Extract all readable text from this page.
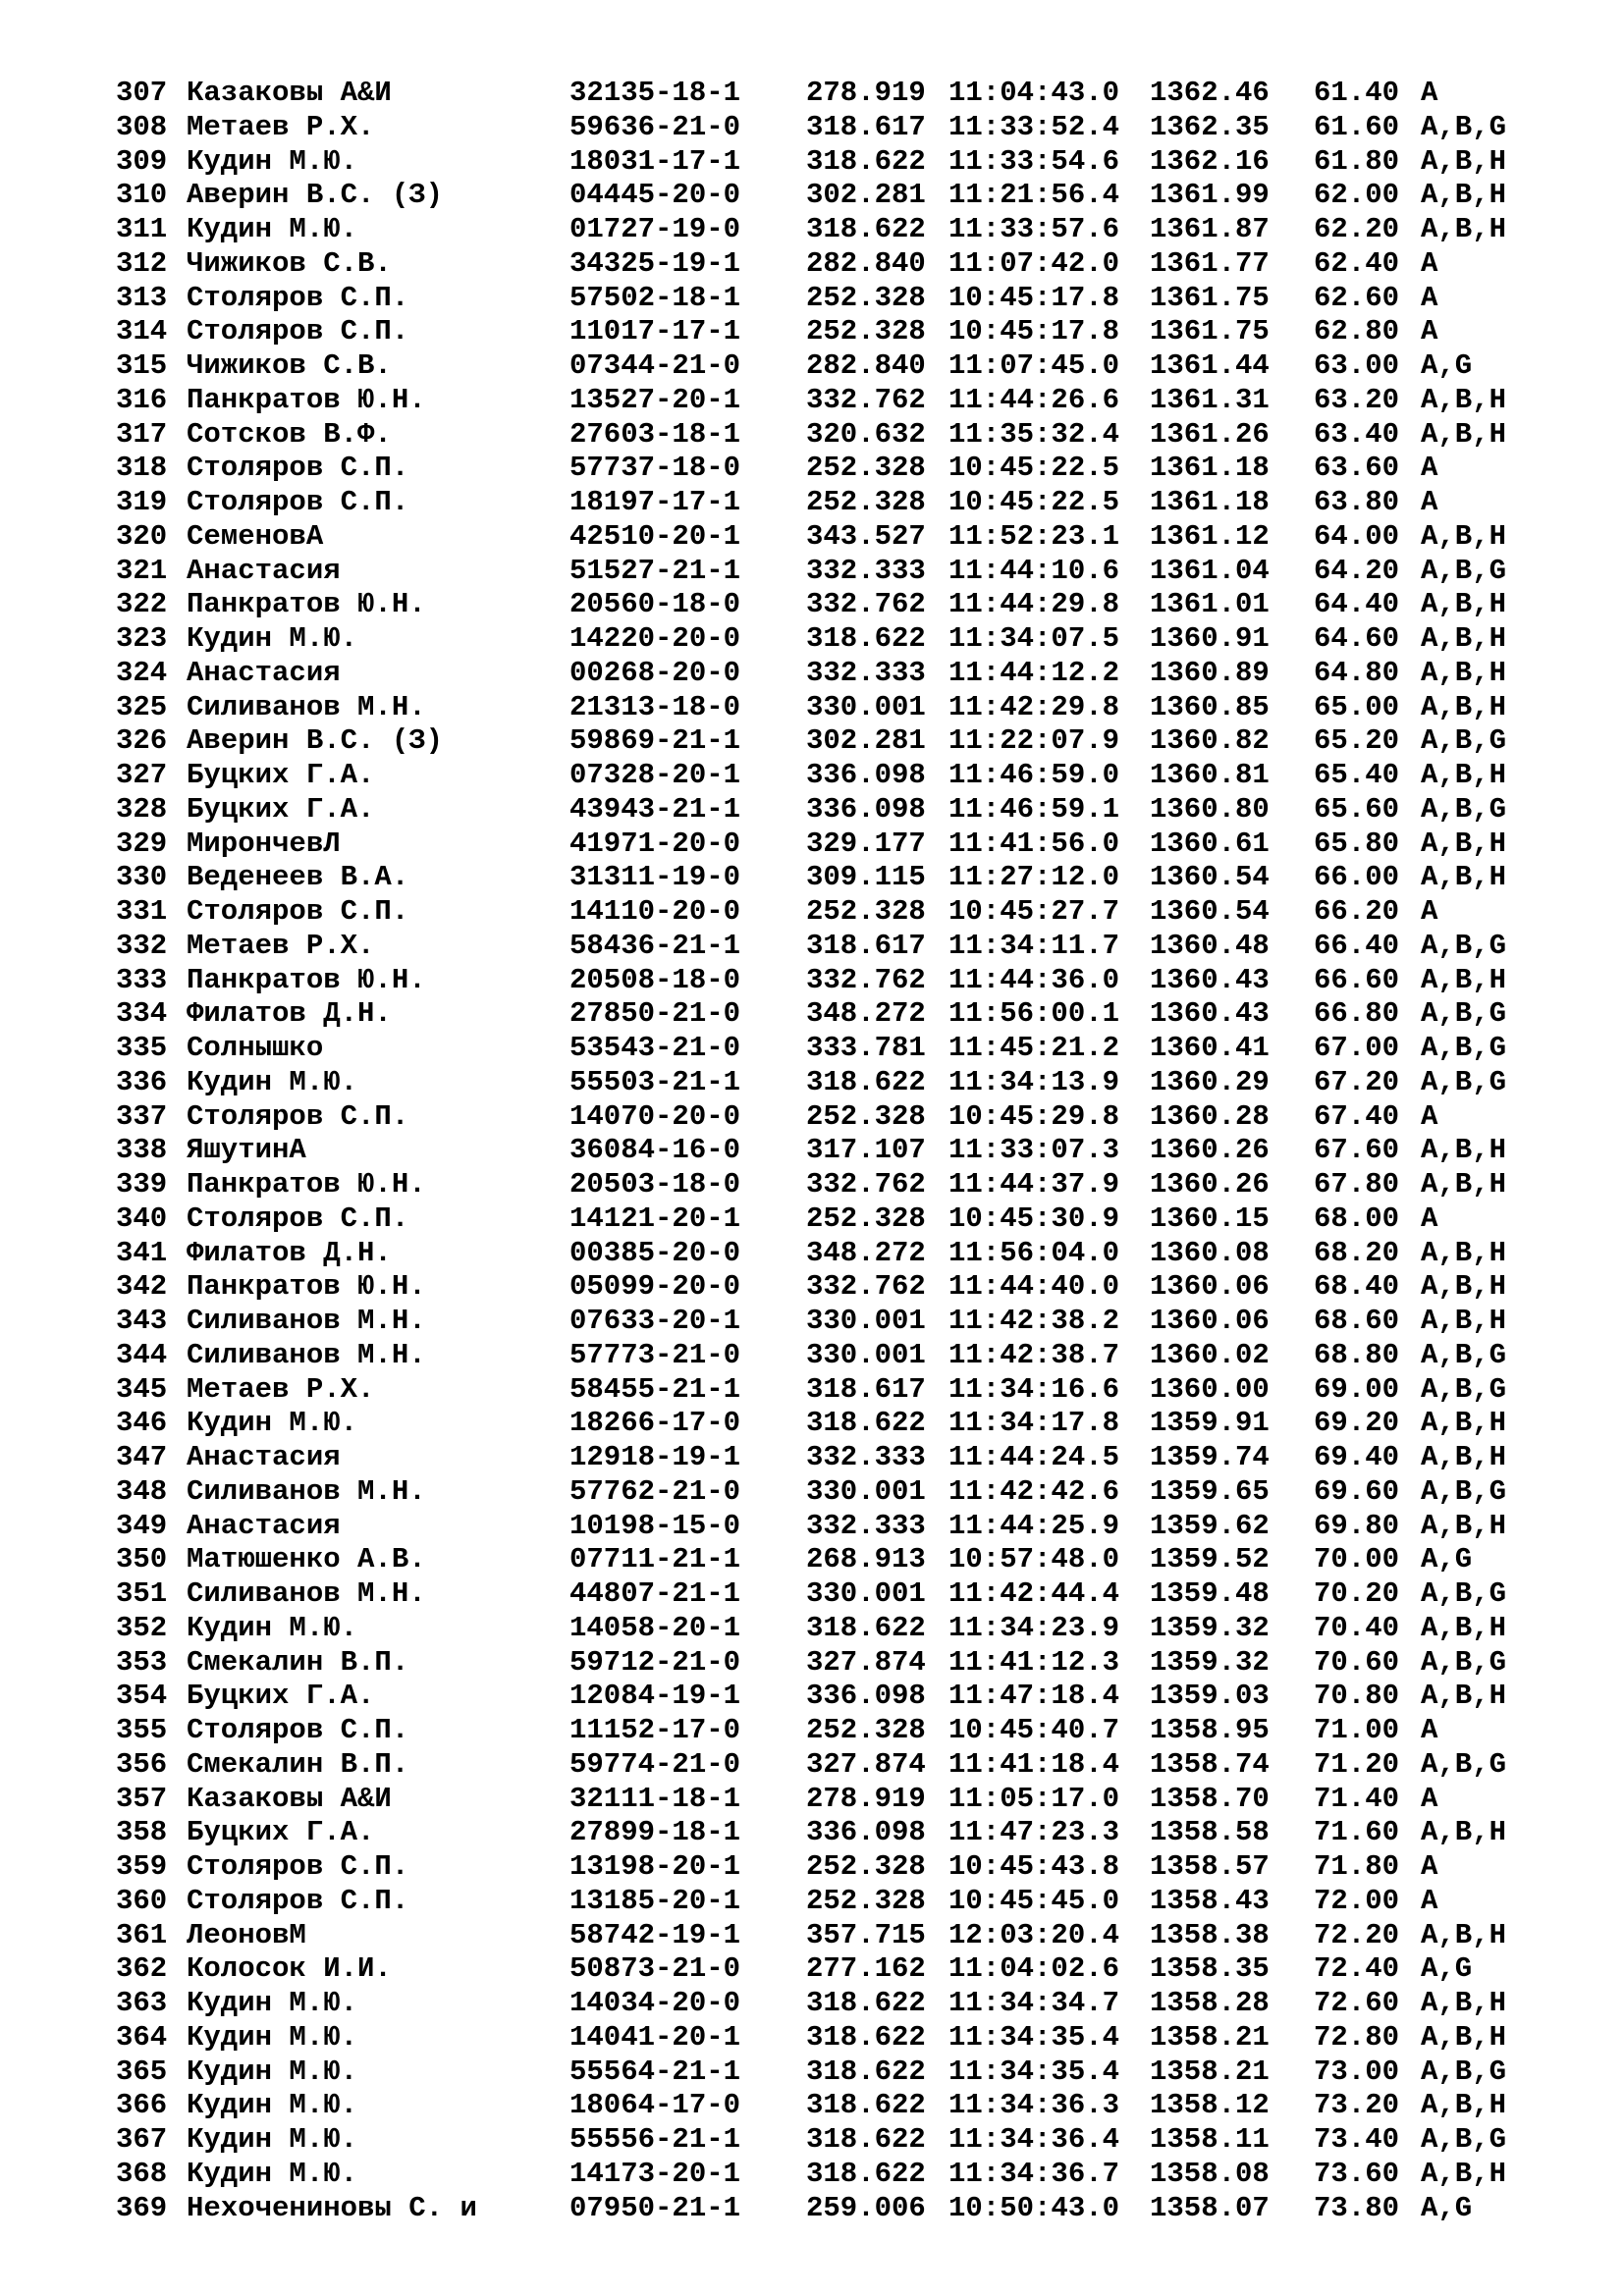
307 Казаковы А&И	32135-18-1 278.919 11:04:43.0 1362.46 61.40 A
308 Метаев Р.Х.	59636-21-0 318.617 11:33:52.4 1362.35 61.60 A,B,G
309 Кудин М.Ю.	18031-17-1 318.622 11:33:54.6 1362.16 61.80 A,B,H
310 Аверин В.С. (З)	04445-20-0 302.281 11:21:56.4 1361.99 62.00 A,B,H
311 Кудин М.Ю.	01727-19-0 318.622 11:33:57.6 1361.87 62.20 A,B,H
312 Чижиков С.В.	34325-19-1 282.840 11:07:42.0 1361.77 62.40 A
313 Столяров С.П.	57502-18-1 252.328 10:45:17.8 1361.75 62.60 A
314 Столяров С.П.	11017-17-1 252.328 10:45:17.8 1361.75 62.80 A
315 Чижиков С.В.	07344-21-0 282.840 11:07:45.0 1361.44 63.00 A,G
316 Панкратов Ю.Н.	13527-20-1 332.762 11:44:26.6 1361.31 63.20 A,B,H
317 Сотсков В.Ф.	27603-18-1 320.632 11:35:32.4 1361.26 63.40 A,B,H
318 Столяров С.П.	57737-18-0 252.328 10:45:22.5 1361.18 63.60 A
319 Столяров С.П.	18197-17-1 252.328 10:45:22.5 1361.18 63.80 A
320 СеменовА	42510-20-1 343.527 11:52:23.1 1361.12 64.00 A,B,H
321 Анастасия	51527-21-1 332.333 11:44:10.6 1361.04 64.20 A,B,G
322 Панкратов Ю.Н.	20560-18-0 332.762 11:44:29.8 1361.01 64.40 A,B,H
323 Кудин М.Ю.	14220-20-0 318.622 11:34:07.5 1360.91 64.60 A,B,H
324 Анастасия	00268-20-0 332.333 11:44:12.2 1360.89 64.80 A,B,H
325 Силиванов М.Н.	21313-18-0 330.001 11:42:29.8 1360.85 65.00 A,B,H
326 Аверин В.С. (З)	59869-21-1 302.281 11:22:07.9 1360.82 65.20 A,B,G
327 Буцких Г.А.	07328-20-1 336.098 11:46:59.0 1360.81 65.40 A,B,H
328 Буцких Г.А.	43943-21-1 336.098 11:46:59.1 1360.80 65.60 A,B,G
329 МирончевЛ	41971-20-0 329.177 11:41:56.0 1360.61 65.80 A,B,H
330 Веденеев В.А.	31311-19-0 309.115 11:27:12.0 1360.54 66.00 A,B,H
331 Столяров С.П.	14110-20-0 252.328 10:45:27.7 1360.54 66.20 A
332 Метаев Р.Х.	58436-21-1 318.617 11:34:11.7 1360.48 66.40 A,B,G
333 Панкратов Ю.Н.	20508-18-0 332.762 11:44:36.0 1360.43 66.60 A,B,H
334 Филатов Д.Н.	27850-21-0 348.272 11:56:00.1 1360.43 66.80 A,B,G
335 Солнышко	53543-21-0 333.781 11:45:21.2 1360.41 67.00 A,B,G
336 Кудин М.Ю.	55503-21-1 318.622 11:34:13.9 1360.29 67.20 A,B,G
337 Столяров С.П.	14070-20-0 252.328 10:45:29.8 1360.28 67.40 A
338 ЯшутинА	36084-16-0 317.107 11:33:07.3 1360.26 67.60 A,B,H
339 Панкратов Ю.Н.	20503-18-0 332.762 11:44:37.9 1360.26 67.80 A,B,H
340 Столяров С.П.	14121-20-1 252.328 10:45:30.9 1360.15 68.00 A
341 Филатов Д.Н.	00385-20-0 348.272 11:56:04.0 1360.08 68.20 A,B,H
342 Панкратов Ю.Н.	05099-20-0 332.762 11:44:40.0 1360.06 68.40 A,B,H
343 Силиванов М.Н.	07633-20-1 330.001 11:42:38.2 1360.06 68.60 A,B,H
344 Силиванов М.Н.	57773-21-0 330.001 11:42:38.7 1360.02 68.80 A,B,G
345 Метаев Р.Х.	58455-21-1 318.617 11:34:16.6 1360.00 69.00 A,B,G
346 Кудин М.Ю.	18266-17-0 318.622 11:34:17.8 1359.91 69.20 A,B,H
347 Анастасия	12918-19-1 332.333 11:44:24.5 1359.74 69.40 A,B,H
348 Силиванов М.Н.	57762-21-0 330.001 11:42:42.6 1359.65 69.60 A,B,G
349 Анастасия	10198-15-0 332.333 11:44:25.9 1359.62 69.80 A,B,H
350 Матюшенко А.В.	07711-21-1 268.913 10:57:48.0 1359.52 70.00 A,G
351 Силиванов М.Н.	44807-21-1 330.001 11:42:44.4 1359.48 70.20 A,B,G
352 Кудин М.Ю.	14058-20-1 318.622 11:34:23.9 1359.32 70.40 A,B,H
353 Смекалин В.П.	59712-21-0 327.874 11:41:12.3 1359.32 70.60 A,B,G
354 Буцких Г.А.	12084-19-1 336.098 11:47:18.4 1359.03 70.80 A,B,H
355 Столяров С.П.	11152-17-0 252.328 10:45:40.7 1358.95 71.00 A
356 Смекалин В.П.	59774-21-0 327.874 11:41:18.4 1358.74 71.20 A,B,G
357 Казаковы А&И	32111-18-1 278.919 11:05:17.0 1358.70 71.40 A
358 Буцких Г.А.	27899-18-1 336.098 11:47:23.3 1358.58 71.60 A,B,H
359 Столяров С.П.	13198-20-1 252.328 10:45:43.8 1358.57 71.80 A
360 Столяров С.П.	13185-20-1 252.328 10:45:45.0 1358.43 72.00 A
361 ЛеоновМ	58742-19-1 357.715 12:03:20.4 1358.38 72.20 A,B,H
362 Колосок И.И.	50873-21-0 277.162 11:04:02.6 1358.35 72.40 A,G
363 Кудин М.Ю.	14034-20-0 318.622 11:34:34.7 1358.28 72.60 A,B,H
364 Кудин М.Ю.	14041-20-1 318.622 11:34:35.4 1358.21 72.80 A,B,H
365 Кудин М.Ю.	55564-21-1 318.622 11:34:35.4 1358.21 73.00 A,B,G
366 Кудин М.Ю.	18064-17-0 318.622 11:34:36.3 1358.12 73.20 A,B,H
367 Кудин М.Ю.	55556-21-1 318.622 11:34:36.4 1358.11 73.40 A,B,G
368 Кудин М.Ю.	14173-20-1 318.622 11:34:36.7 1358.08 73.60 A,B,H
369 Нехочениновы С. и	07950-21-1 259.006 10:50:43.0 1358.07 73.80 A,G
